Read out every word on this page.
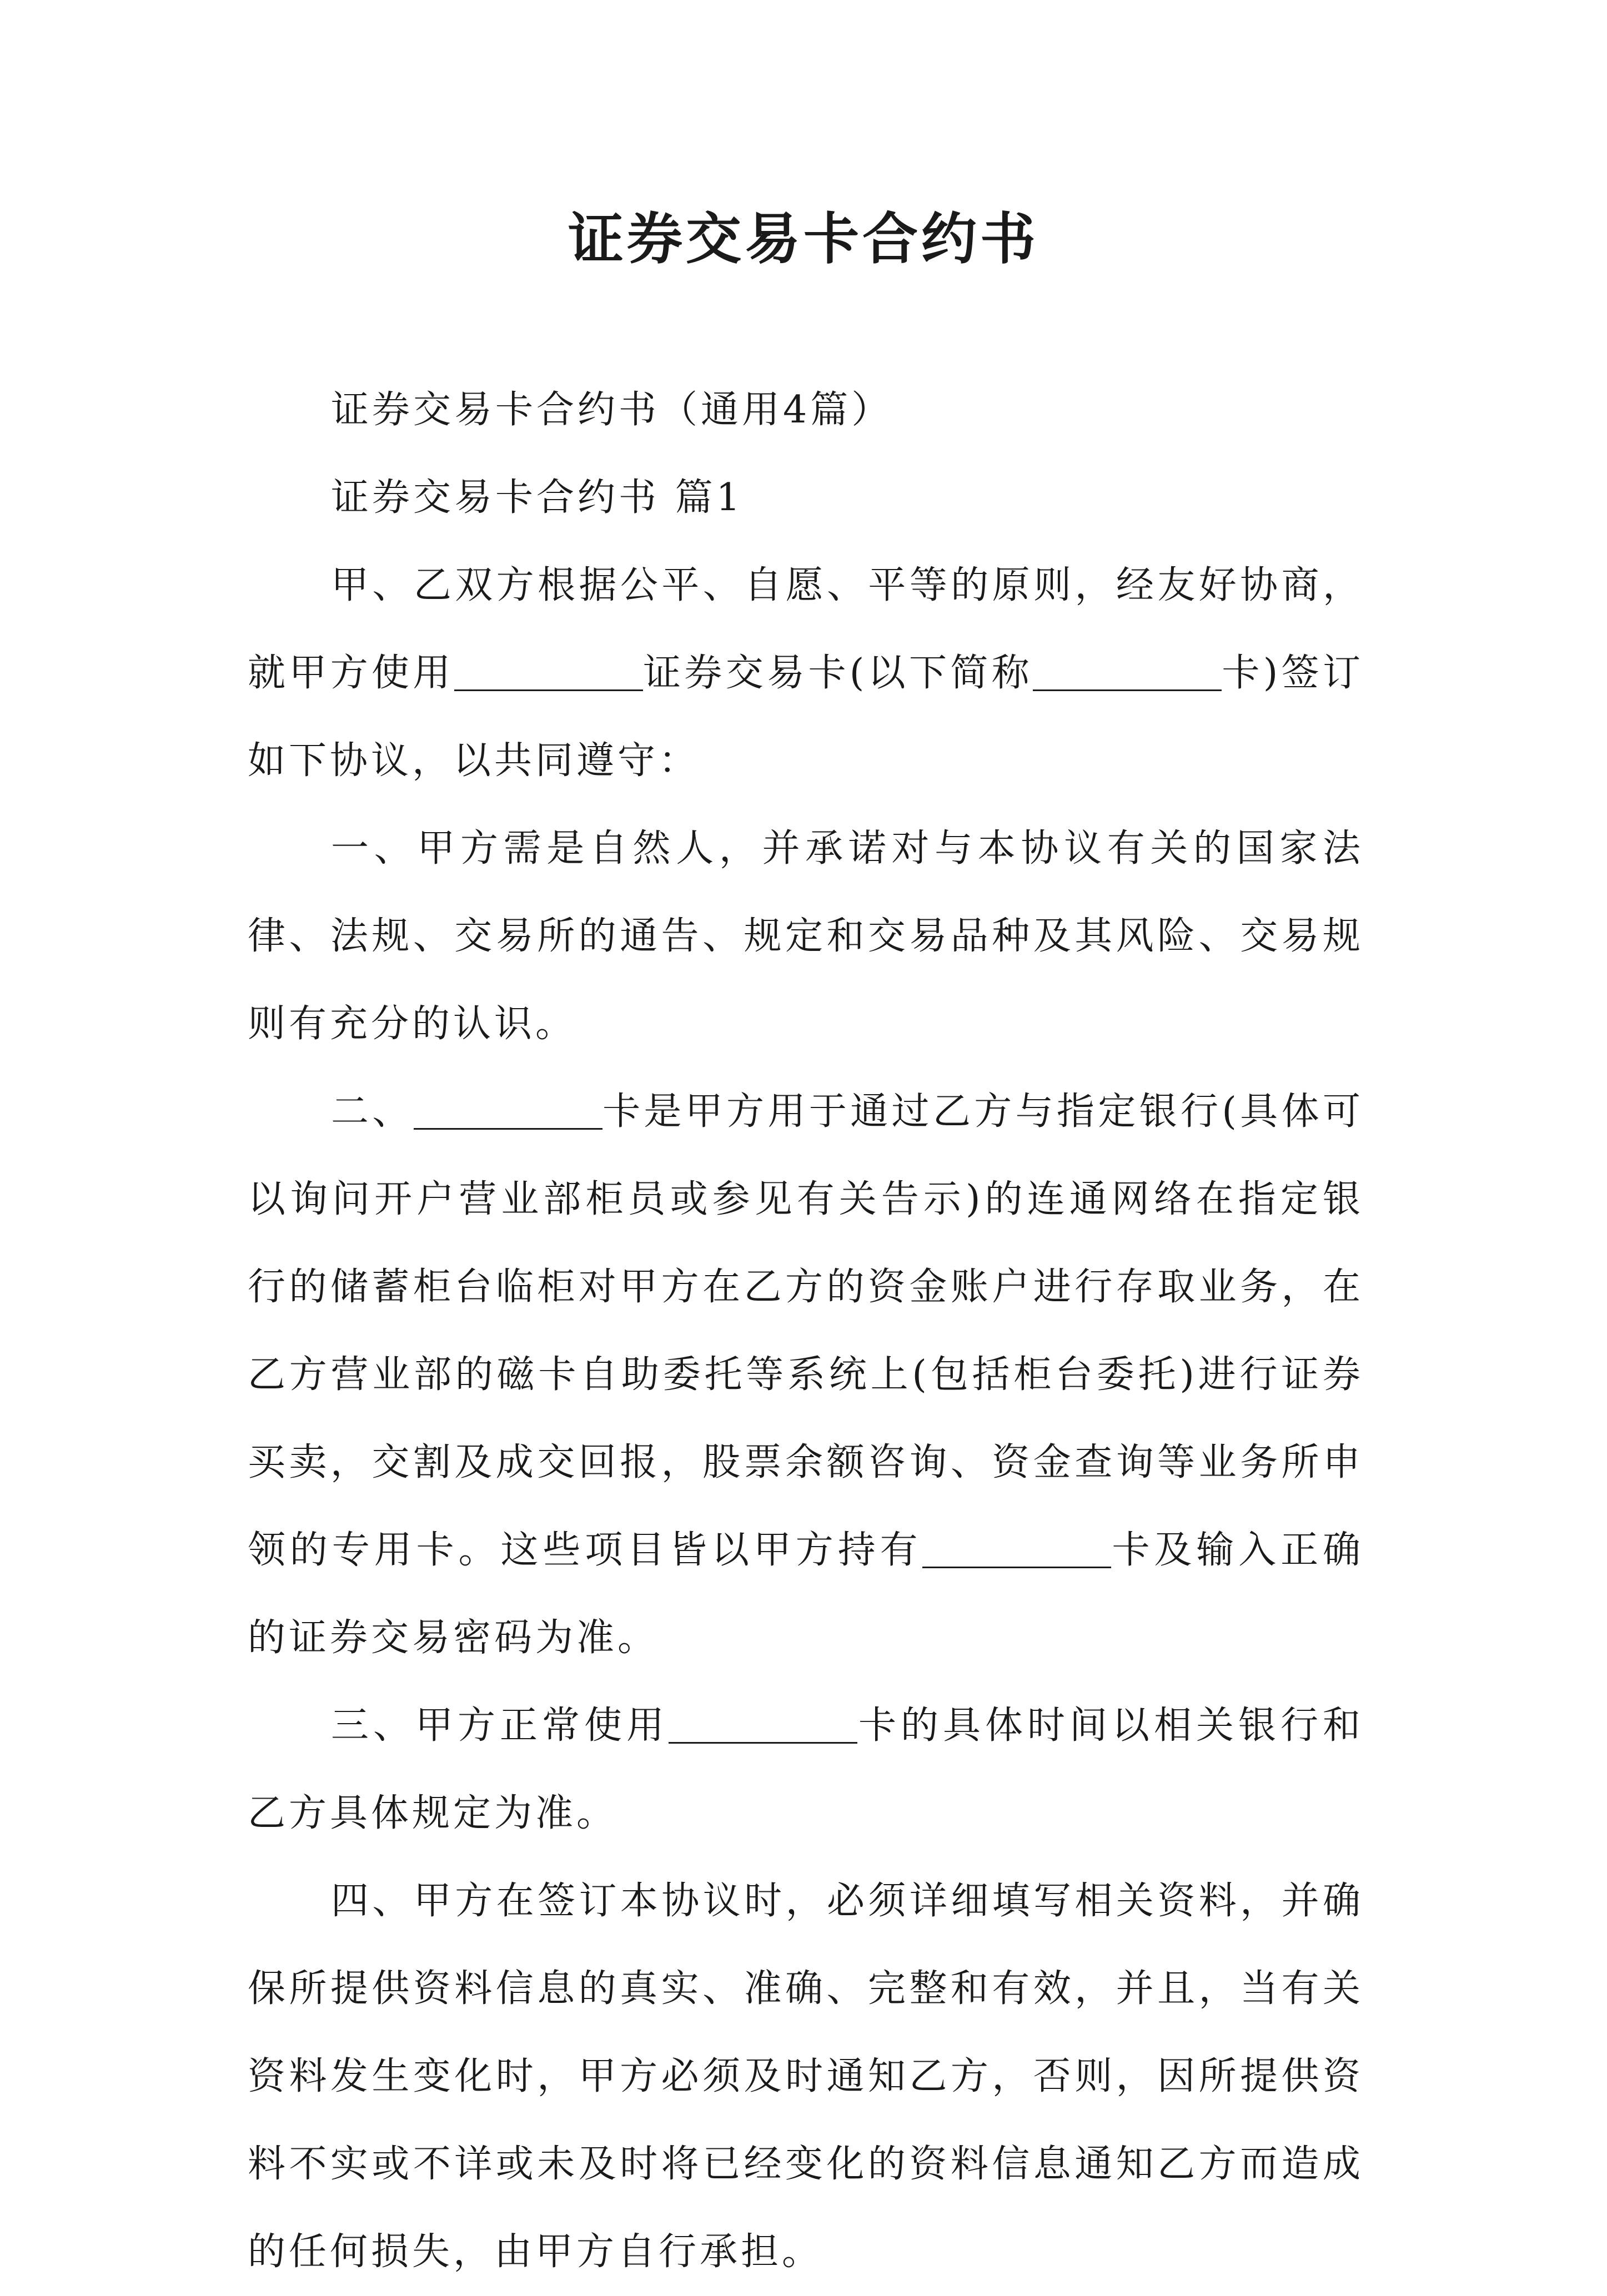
证券交易卡合约书

证券交易卡合约书（通用4篇）

证券交易卡合约书 篇1

甲、乙双方根据公平、自愿、平等的原则，经友好协商，就甲方使用	证券交易卡(以下简称	卡)签订如下协议，以共同遵守：

一、甲方需是自然人，并承诺对与本协议有关的国家法律、法规、交易所的通告、规定和交易品种及其风险、交易规则有充分的认识。

二、	卡是甲方用于通过乙方与指定银行(具体可以询问开户营业部柜员或参见有关告示)的连通网络在指定银行的储蓄柜台临柜对甲方在乙方的资金账户进行存取业务，在乙方营业部的磁卡自助委托等系统上(包括柜台委托)进行证券买卖，交割及成交回报，股票余额咨询、资金查询等业务所申领的专用卡。这些项目皆以甲方持有	卡及输入正确的证券交易密码为准。

三、甲方正常使用	卡的具体时间以相关银行和乙方具体规定为准。

四、甲方在签订本协议时，必须详细填写相关资料，并确保所提供资料信息的真实、准确、完整和有效，并且，当有关资料发生变化时，甲方必须及时通知乙方，否则，因所提供资料不实或不详或未及时将已经变化的资料信息通知乙方而造成的任何损失，由甲方自行承担。
